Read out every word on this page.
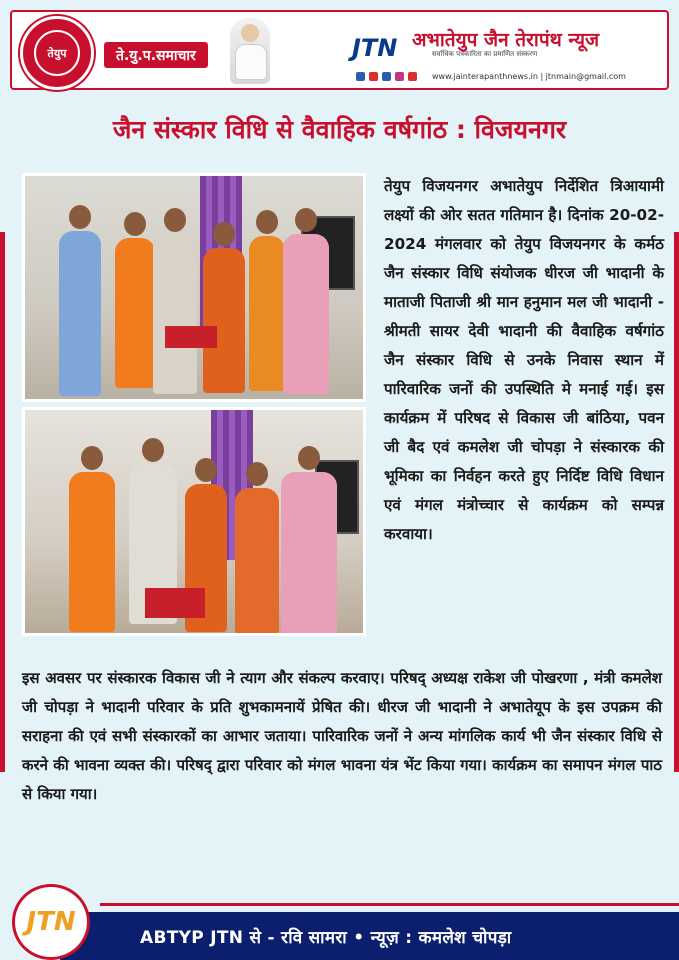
तेयुप	ते.यु.प.समाचार	JTN अभातेयुप जैन तेरापंथ न्यूज
सर्वाधिक पत्रकारिता का प्रमाणित संस्करण
www.jainterapanthnews.in | jtnmain@gmail.com
जैन संस्कार विधि से वैवाहिक वर्षगांठ : विजयनगर
तेयुप विजयनगर अभातेयुप निर्देशित त्रिआयामी लक्ष्यों की ओर सतत गतिमान है। दिनांक 20-02-2024 मंगलवार को तेयुप विजयनगर के कर्मठ जैन संस्कार विधि संयोजक धीरज जी भादानी के माताजी पिताजी श्री मान हनुमान मल जी भादानी - श्रीमती सायर देवी भादानी की वैवाहिक वर्षगांठ जैन संस्कार विधि से उनके निवास स्थान में पारिवारिक जनों की उपस्थिति मे मनाई गई। इस कार्यक्रम में परिषद से विकास जी बांठिया, पवन जी बैद एवं कमलेश जी चोपड़ा ने संस्कारक की भूमिका का निर्वहन करते हुए निर्दिष्ट विधि विधान एवं मंगल मंत्रोच्चार से कार्यक्रम को सम्पन्न करवाया।
इस अवसर पर संस्कारक विकास जी ने त्याग और संकल्प करवाए। परिषद् अध्यक्ष राकेश जी पोखरणा , मंत्री कमलेश जी चोपड़ा ने भादानी परिवार के प्रति शुभकामनायें प्रेषित की। धीरज जी भादानी ने अभातेयूप के इस उपक्रम की सराहना की एवं सभी संस्कारकों का आभार जताया। पारिवारिक जनों ने अन्य मांगलिक कार्य भी जैन संस्कार विधि से करने की भावना व्यक्त की। परिषद् द्वारा परिवार को मंगल भावना यंत्र भेंट किया गया। कार्यक्रम का समापन मंगल पाठ से किया गया।
ABTYP JTN से - रवि सामरा • न्यूज़ : कमलेश चोपड़ा
JTN
